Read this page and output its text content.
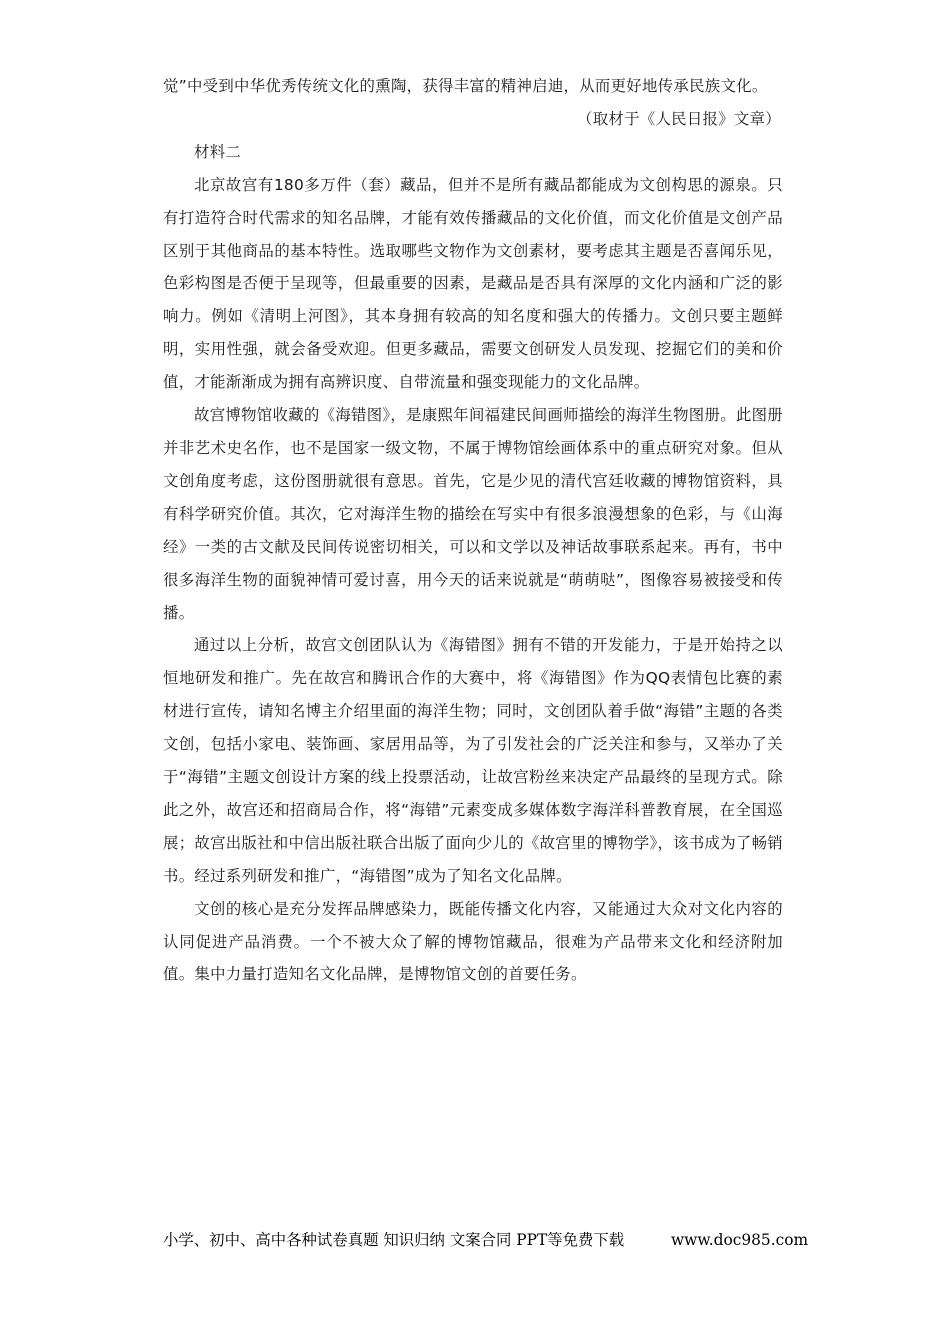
觉”中受到中华优秀传统文化的熏陶，获得丰富的精神启迪，从而更好地传承民族文化。

（取材于《人民日报》文章）

材料二

北京故宫有180多万件（套）藏品，但并不是所有藏品都能成为文创构思的源泉。只有打造符合时代需求的知名品牌，才能有效传播藏品的文化价值，而文化价值是文创产品区别于其他商品的基本特性。选取哪些文物作为文创素材，要考虑其主题是否喜闻乐见，色彩构图是否便于呈现等，但最重要的因素，是藏品是否具有深厚的文化内涵和广泛的影响力。例如《清明上河图》，其本身拥有较高的知名度和强大的传播力。文创只要主题鲜明，实用性强，就会备受欢迎。但更多藏品，需要文创研发人员发现、挖掘它们的美和价值，才能渐渐成为拥有高辨识度、自带流量和强变现能力的文化品牌。

故宫博物馆收藏的《海错图》，是康熙年间福建民间画师描绘的海洋生物图册。此图册并非艺术史名作，也不是国家一级文物，不属于博物馆绘画体系中的重点研究对象。但从文创角度考虑，这份图册就很有意思。首先，它是少见的清代宫廷收藏的博物馆资料，具有科学研究价值。其次，它对海洋生物的描绘在写实中有很多浪漫想象的色彩，与《山海经》一类的古文献及民间传说密切相关，可以和文学以及神话故事联系起来。再有，书中很多海洋生物的面貌神情可爱讨喜，用今天的话来说就是“萌萌哒”，图像容易被接受和传播。

通过以上分析，故宫文创团队认为《海错图》拥有不错的开发能力，于是开始持之以恒地研发和推广。先在故宫和腾讯合作的大赛中，将《海错图》作为QQ表情包比赛的素材进行宣传，请知名博主介绍里面的海洋生物；同时，文创团队着手做“海错”主题的各类文创，包括小家电、装饰画、家居用品等，为了引发社会的广泛关注和参与，又举办了关于“海错”主题文创设计方案的线上投票活动，让故宫粉丝来决定产品最终的呈现方式。除此之外，故宫还和招商局合作，将“海错”元素变成多媒体数字海洋科普教育展，在全国巡展；故宫出版社和中信出版社联合出版了面向少儿的《故宫里的博物学》，该书成为了畅销书。经过系列研发和推广，“海错图”成为了知名文化品牌。

文创的核心是充分发挥品牌感染力，既能传播文化内容，又能通过大众对文化内容的认同促进产品消费。一个不被大众了解的博物馆藏品，很难为产品带来文化和经济附加值。集中力量打造知名文化品牌，是博物馆文创的首要任务。

小学、初中、高中各种试卷真题 知识归纳 文案合同 PPT等免费下载	www.doc985.com
